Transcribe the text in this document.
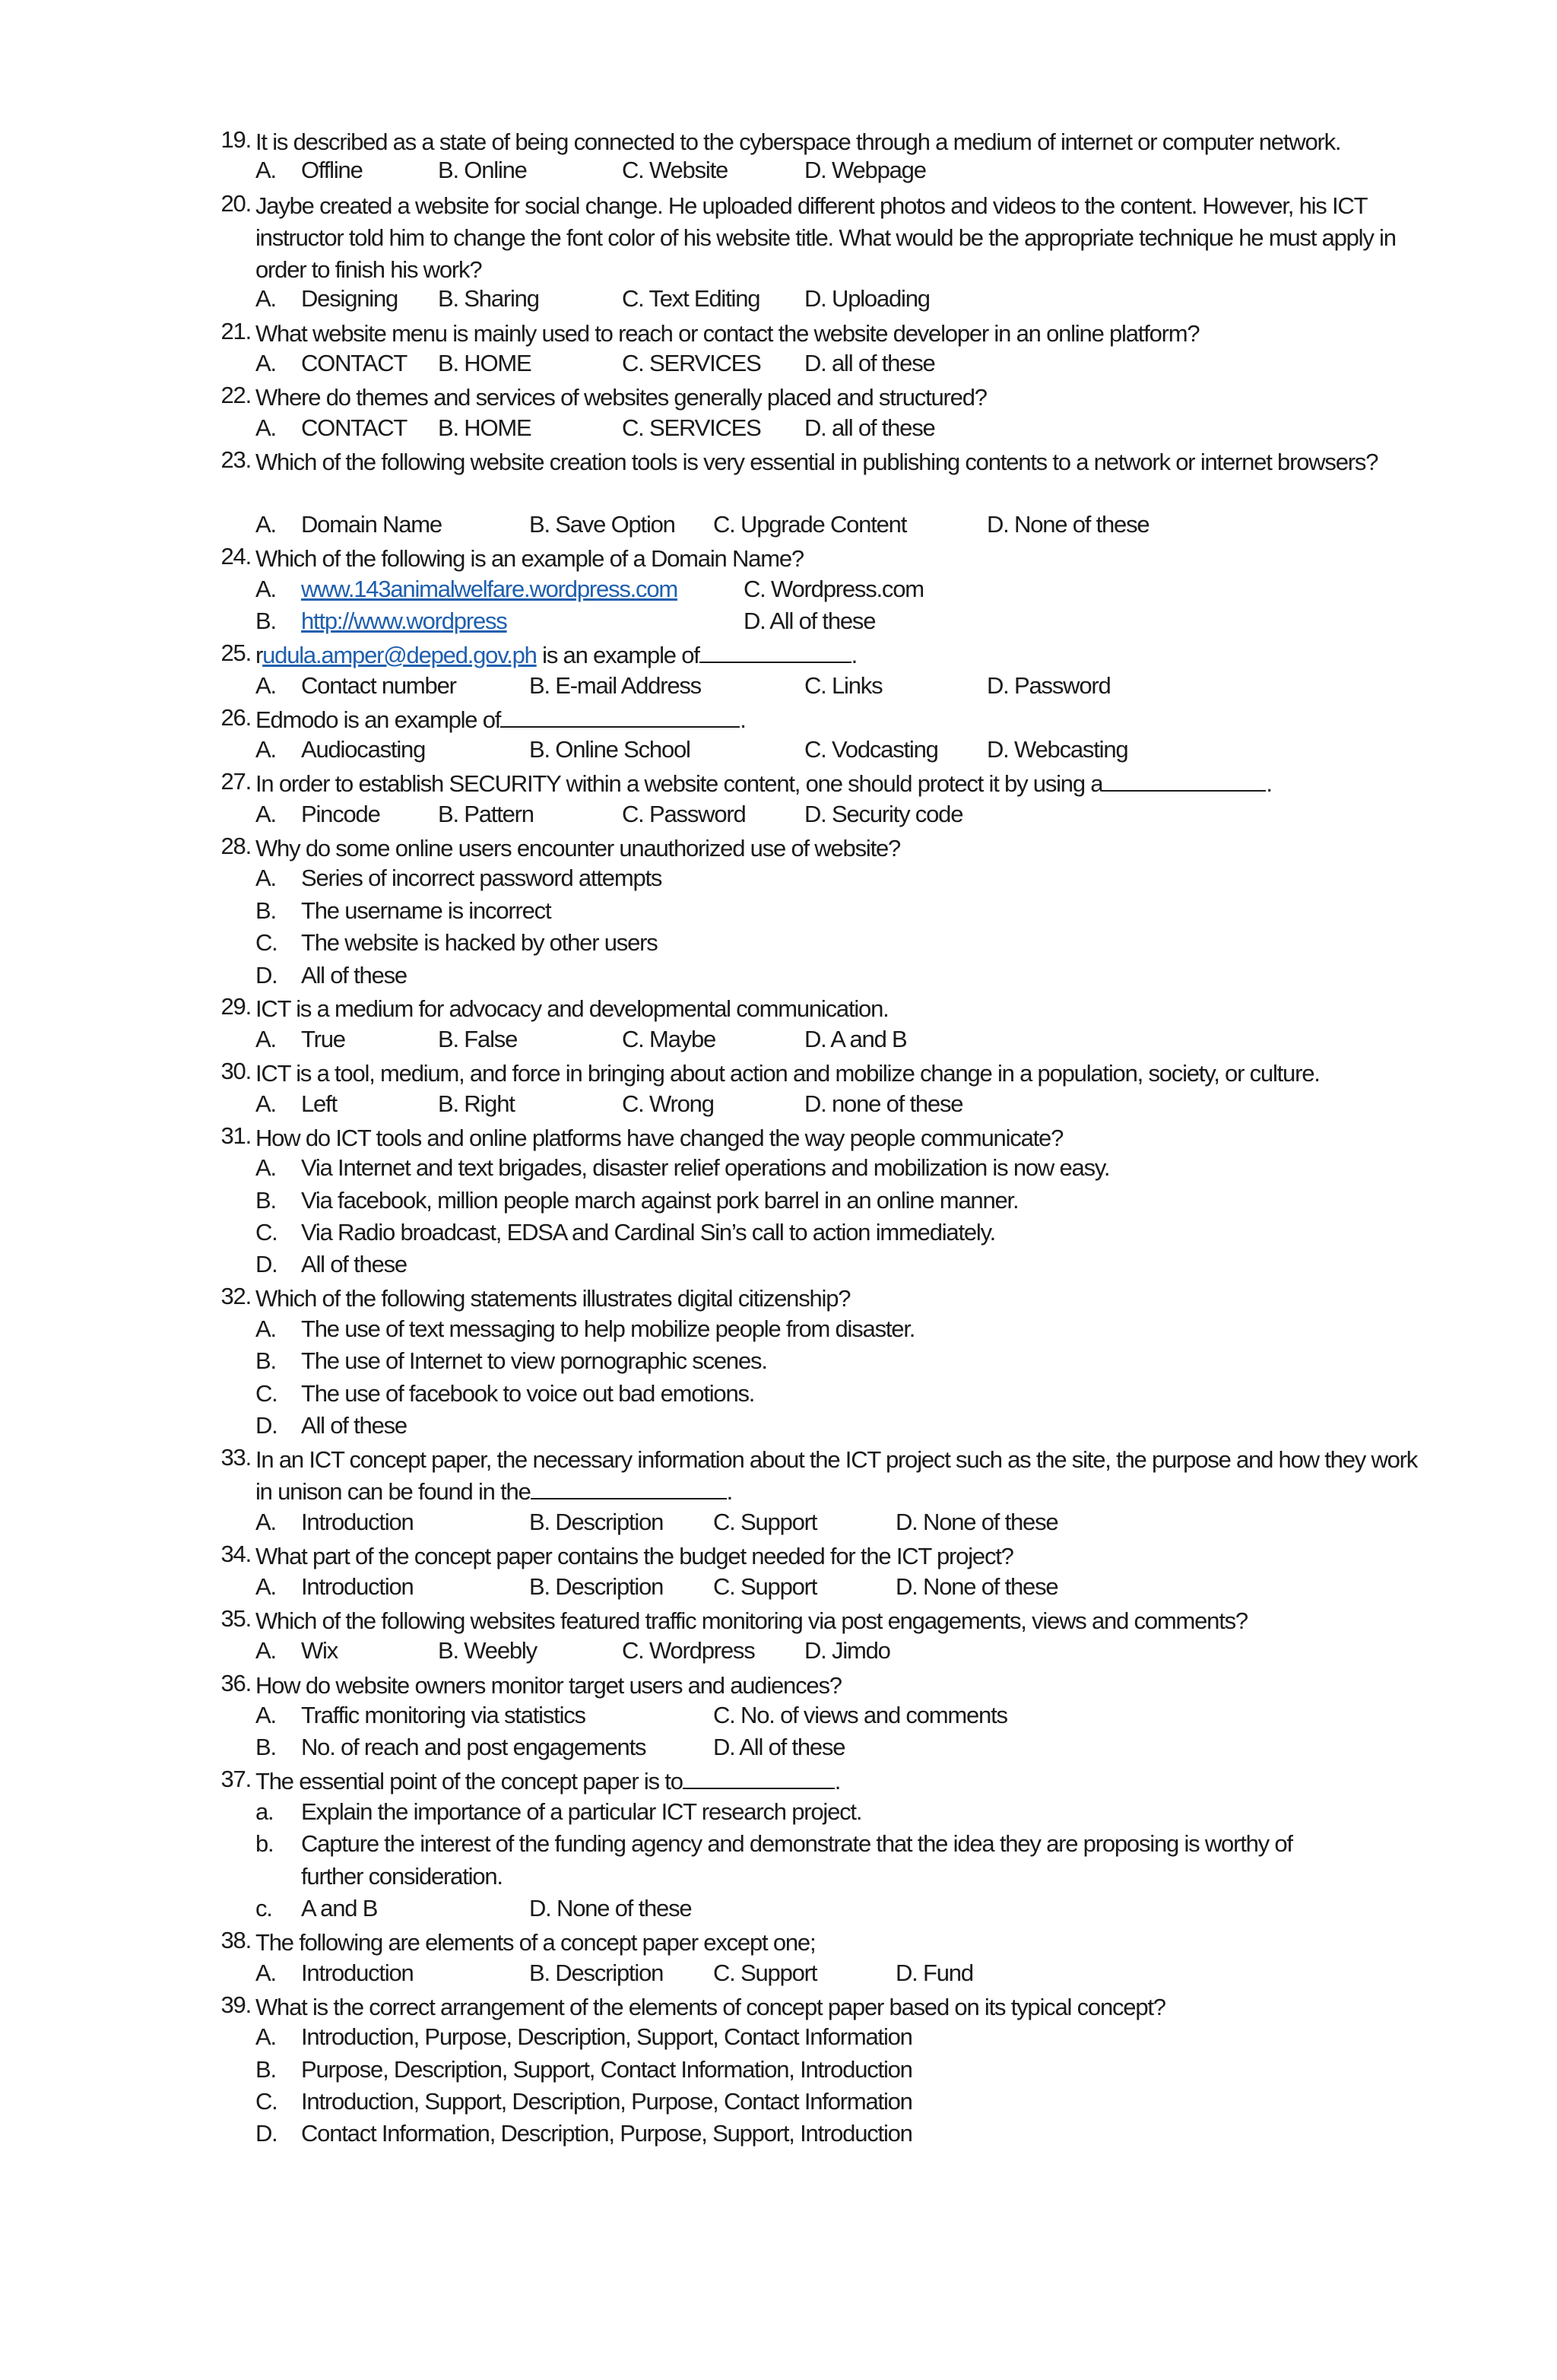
19. It is described as a state of being connected to the cyberspace through a medium of internet or computer network.
A. Offline	B. Online	C. Website	D. Webpage
20. Jaybe created a website for social change. He uploaded different photos and videos to the content. However, his ICT instructor told him to change the font color of his website title. What would be the appropriate technique he must apply in order to finish his work?
A. Designing B. Sharing	C. Text Editing D. Uploading
21. What website menu is mainly used to reach or contact the website developer in an online platform?
A. CONTACT B. HOME	C. SERVICES D. all of these
22. Where do themes and services of websites generally placed and structured?
A. CONTACT B. HOME	C. SERVICES D. all of these
23. Which of the following website creation tools is very essential in publishing contents to a network or internet browsers?
A. Domain Name	B. Save Option C. Upgrade Content	D. None of these
24. Which of the following is an example of a Domain Name?
A. www.143animalwelfare.wordpress.com	C. Wordpress.com
B. http://www.wordpress	D. All of these
25. rudula.amper@deped.gov.ph is an example of	.
A. Contact number	B. E-mail Address	C. Links	D. Password
26. Edmodo is an example of	.
A. Audiocasting	B. Online School	C. Vodcasting D. Webcasting
27. In order to establish SECURITY within a website content, one should protect it by using a	.
A. Pincode B. Pattern	C. Password D. Security code
28. Why do some online users encounter unauthorized use of website?
A. Series of incorrect password attempts
B. The username is incorrect
C. The website is hacked by other users
D. All of these
29. ICT is a medium for advocacy and developmental communication.
A. True	B. False	C. Maybe	D. A and B
30. ICT is a tool, medium, and force in bringing about action and mobilize change in a population, society, or culture.
A. Left	B. Right	C. Wrong	D. none of these
31. How do ICT tools and online platforms have changed the way people communicate?
A. Via Internet and text brigades, disaster relief operations and mobilization is now easy.
B. Via facebook, million people march against pork barrel in an online manner.
C. Via Radio broadcast, EDSA and Cardinal Sin’s call to action immediately.
D. All of these
32. Which of the following statements illustrates digital citizenship?
A. The use of text messaging to help mobilize people from disaster.
B. The use of Internet to view pornographic scenes.
C. The use of facebook to voice out bad emotions.
D. All of these
33. In an ICT concept paper, the necessary information about the ICT project such as the site, the purpose and how they work in unison can be found in the	.
A. Introduction	B. Description C. Support	D. None of these
34. What part of the concept paper contains the budget needed for the ICT project?
A. Introduction	B. Description C. Support	D. None of these
35. Which of the following websites featured traffic monitoring via post engagements, views and comments?
A. Wix	B. Weebly	C. Wordpress D. Jimdo
36. How do website owners monitor target users and audiences?
A. Traffic monitoring via statistics	C. No. of views and comments
B. No. of reach and post engagements	D. All of these
37. The essential point of the concept paper is to	.
a. Explain the importance of a particular ICT research project.
b. Capture the interest of the funding agency and demonstrate that the idea they are proposing is worthy of
further consideration.
c. A and B	D. None of these
38. The following are elements of a concept paper except one;
A. Introduction	B. Description C. Support	D. Fund
39. What is the correct arrangement of the elements of concept paper based on its typical concept?
A. Introduction, Purpose, Description, Support, Contact Information
B. Purpose, Description, Support, Contact Information, Introduction
C. Introduction, Support, Description, Purpose, Contact Information
D. Contact Information, Description, Purpose, Support, Introduction
